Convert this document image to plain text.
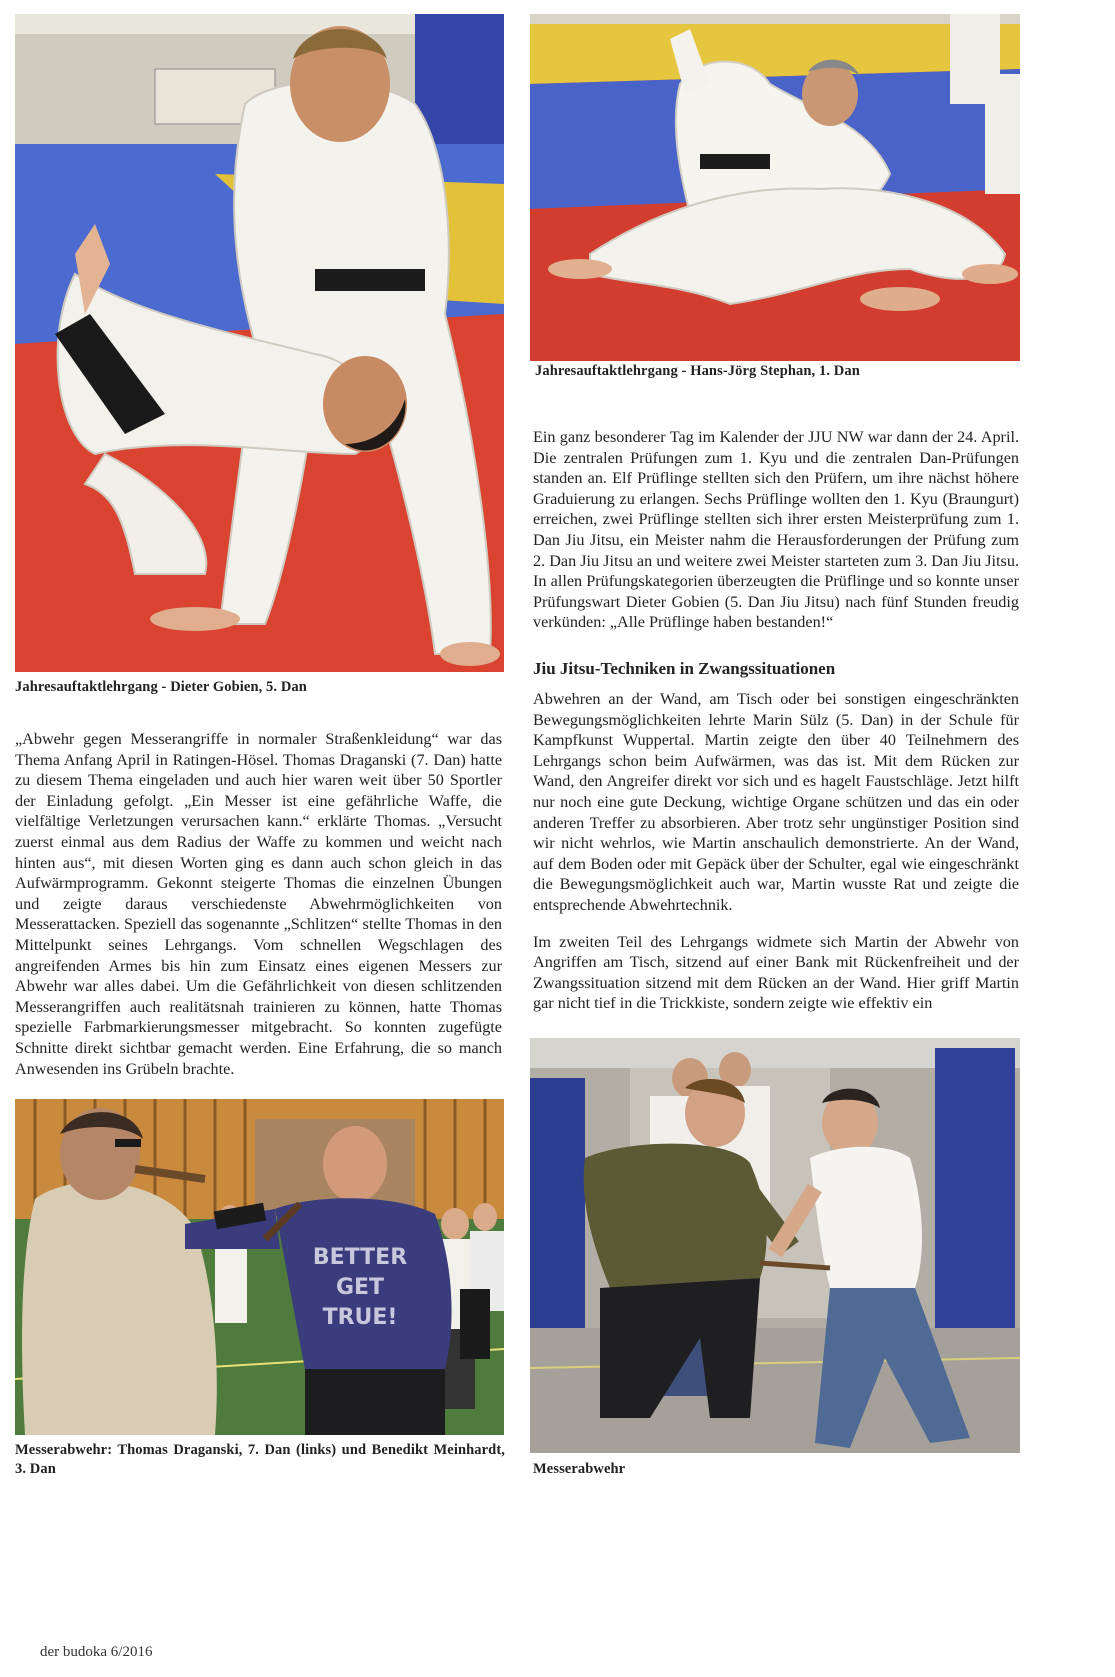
Jahresauftaktlehrgang - Dieter Gobien, 5. Dan
Jahresauftaktlehrgang - Hans-Jörg Stephan, 1. Dan

Ein ganz besonderer Tag im Kalender der JJU NW war dann der 24. April. Die zentralen Prüfungen zum 1. Kyu und die zentralen Dan-Prüfungen standen an. Elf Prüflinge stellten sich den Prüfern, um ihre nächst höhere Graduierung zu erlangen. Sechs Prüflinge wollten den 1. Kyu (Braungurt) erreichen, zwei Prüflinge stellten sich ihrer ersten Meisterprüfung zum 1. Dan Jiu Jitsu, ein Meister nahm die Herausforderungen der Prüfung zum 2. Dan Jiu Jitsu an und weitere zwei Meister starteten zum 3. Dan Jiu Jitsu. In allen Prüfungskategorien überzeugten die Prüflinge und so konnte unser Prüfungswart Dieter Gobien (5. Dan Jiu Jitsu) nach fünf Stunden freudig verkünden: „Alle Prüflinge haben bestanden!“

Jiu Jitsu-Techniken in Zwangssituationen

Abwehren an der Wand, am Tisch oder bei sonstigen eingeschränkten Bewegungsmöglichkeiten lehrte Marin Sülz (5. Dan) in der Schule für Kampfkunst Wuppertal. Martin zeigte den über 40 Teilnehmern des Lehrgangs schon beim Aufwärmen, was das ist. Mit dem Rücken zur Wand, den Angreifer direkt vor sich und es hagelt Faustschläge. Jetzt hilft nur noch eine gute Deckung, wichtige Organe schützen und das ein oder anderen Treffer zu absorbieren. Aber trotz sehr ungünstiger Position sind wir nicht wehrlos, wie Martin anschaulich demonstrierte. An der Wand, auf dem Boden oder mit Gepäck über der Schulter, egal wie eingeschränkt die Bewegungsmöglichkeit auch war, Martin wusste Rat und zeigte die entsprechende Abwehrtechnik.

Im zweiten Teil des Lehrgangs widmete sich Martin der Abwehr von Angriffen am Tisch, sitzend auf einer Bank mit Rückenfreiheit und der Zwangssituation sitzend mit dem Rücken an der Wand. Hier griff Martin gar nicht tief in die Trickkiste, sondern zeigte wie effektiv ein

„Abwehr gegen Messerangriffe in normaler Straßenkleidung“ war das Thema Anfang April in Ratingen-Hösel. Thomas Draganski (7. Dan) hatte zu diesem Thema eingeladen und auch hier waren weit über 50 Sportler der Einladung gefolgt. „Ein Messer ist eine gefährliche Waffe, die vielfältige Verletzungen verursachen kann.“ erklärte Thomas. „Versucht zuerst einmal aus dem Radius der Waffe zu kommen und weicht nach hinten aus“, mit diesen Worten ging es dann auch schon gleich in das Aufwärmprogramm. Gekonnt steigerte Thomas die einzelnen Übungen und zeigte daraus verschiedenste Abwehrmöglichkeiten von Messerattacken. Speziell das sogenannte „Schlitzen“ stellte Thomas in den Mittelpunkt seines Lehrgangs. Vom schnellen Wegschlagen des angreifenden Armes bis hin zum Einsatz eines eigenen Messers zur Abwehr war alles dabei. Um die Gefährlichkeit von diesen schlitzenden Messerangriffen auch realitätsnah trainieren zu können, hatte Thomas spezielle Farbmarkierungsmesser mitgebracht. So konnten zugefügte Schnitte direkt sichtbar gemacht werden. Eine Erfahrung, die so manch Anwesenden ins Grübeln brachte.

BETTER
GET
TRUE!
Messerabwehr: Thomas Draganski, 7. Dan (links) und Benedikt Meinhardt, 3. Dan	Messerabwehr
der budoka 6/2016
